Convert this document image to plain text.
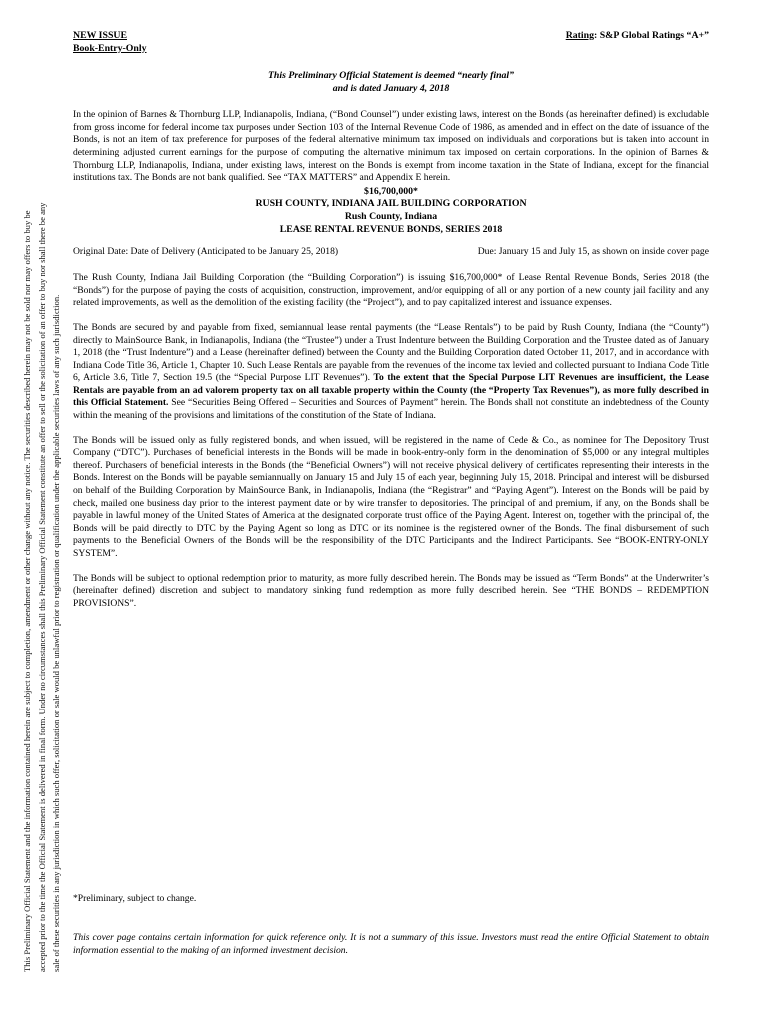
This Preliminary Official Statement and the information contained herein are subject to completion, amendment or other change without any notice. The securities described herein may not be sold nor may offers to buy be accepted prior to the time the Official Statement is delivered in final form. Under no circumstances shall this Preliminary Official Statement constitute an offer to sell or the solicitation of an offer to buy nor shall there be any sale of these securities in any jurisdiction in which such offer, solicitation or sale would be unlawful prior to registration or qualification under the applicable securities laws of any such jurisdiction.
NEW ISSUE
Book-Entry-Only
Rating: S&P Global Ratings “A+”
This Preliminary Official Statement is deemed “nearly final”
and is dated January 4, 2018

In the opinion of Barnes & Thornburg LLP, Indianapolis, Indiana, (“Bond Counsel”) under existing laws, interest on the Bonds (as hereinafter defined) is excludable from gross income for federal income tax purposes under Section 103 of the Internal Revenue Code of 1986, as amended and in effect on the date of issuance of the Bonds, is not an item of tax preference for purposes of the federal alternative minimum tax imposed on individuals and corporations but is taken into account in determining adjusted current earnings for the purpose of computing the alternative minimum tax imposed on certain corporations. In the opinion of Barnes & Thornburg LLP, Indianapolis, Indiana, under existing laws, interest on the Bonds is exempt from income taxation in the State of Indiana, except for the financial institutions tax. The Bonds are not bank qualified. See “TAX MATTERS” and Appendix E herein.

$16,700,000*
RUSH COUNTY, INDIANA JAIL BUILDING CORPORATION
Rush County, Indiana
LEASE RENTAL REVENUE BONDS, SERIES 2018
Original Date: Date of Delivery (Anticipated to be January 25, 2018)	Due: January 15 and July 15, as shown on inside cover page

The Rush County, Indiana Jail Building Corporation (the “Building Corporation”) is issuing $16,700,000* of Lease Rental Revenue Bonds, Series 2018 (the “Bonds”) for the purpose of paying the costs of acquisition, construction, improvement, and/or equipping of all or any portion of a new county jail facility and any related improvements, as well as the demolition of the existing facility (the “Project”), and to pay capitalized interest and issuance expenses.

The Bonds are secured by and payable from fixed, semiannual lease rental payments (the “Lease Rentals”) to be paid by Rush County, Indiana (the “County”) directly to MainSource Bank, in Indianapolis, Indiana (the “Trustee”) under a Trust Indenture between the Building Corporation and the Trustee dated as of January 1, 2018 (the “Trust Indenture”) and a Lease (hereinafter defined) between the County and the Building Corporation dated October 11, 2017, and in accordance with Indiana Code Title 36, Article 1, Chapter 10. Such Lease Rentals are payable from the revenues of the income tax levied and collected pursuant to Indiana Code Title 6, Article 3.6, Title 7, Section 19.5 (the “Special Purpose LIT Revenues”). To the extent that the Special Purpose LIT Revenues are insufficient, the Lease Rentals are payable from an ad valorem property tax on all taxable property within the County (the “Property Tax Revenues”), as more fully described in this Official Statement. See “Securities Being Offered – Securities and Sources of Payment” herein. The Bonds shall not constitute an indebtedness of the County within the meaning of the provisions and limitations of the constitution of the State of Indiana.

The Bonds will be issued only as fully registered bonds, and when issued, will be registered in the name of Cede & Co., as nominee for The Depository Trust Company (“DTC”). Purchases of beneficial interests in the Bonds will be made in book-entry-only form in the denomination of $5,000 or any integral multiples thereof. Purchasers of beneficial interests in the Bonds (the “Beneficial Owners”) will not receive physical delivery of certificates representing their interests in the Bonds. Interest on the Bonds will be payable semiannually on January 15 and July 15 of each year, beginning July 15, 2018. Principal and interest will be disbursed on behalf of the Building Corporation by MainSource Bank, in Indianapolis, Indiana (the “Registrar” and “Paying Agent”). Interest on the Bonds will be paid by check, mailed one business day prior to the interest payment date or by wire transfer to depositories. The principal of and premium, if any, on the Bonds shall be payable in lawful money of the United States of America at the designated corporate trust office of the Paying Agent. Interest on, together with the principal of, the Bonds will be paid directly to DTC by the Paying Agent so long as DTC or its nominee is the registered owner of the Bonds. The final disbursement of such payments to the Beneficial Owners of the Bonds will be the responsibility of the DTC Participants and the Indirect Participants. See “BOOK-ENTRY-ONLY SYSTEM”.

The Bonds will be subject to optional redemption prior to maturity, as more fully described herein. The Bonds may be issued as “Term Bonds” at the Underwriter’s (hereinafter defined) discretion and subject to mandatory sinking fund redemption as more fully described herein. See “THE BONDS – REDEMPTION PROVISIONS”.

*Preliminary, subject to change.
This cover page contains certain information for quick reference only. It is not a summary of this issue. Investors must read the entire Official Statement to obtain information essential to the making of an informed investment decision.
